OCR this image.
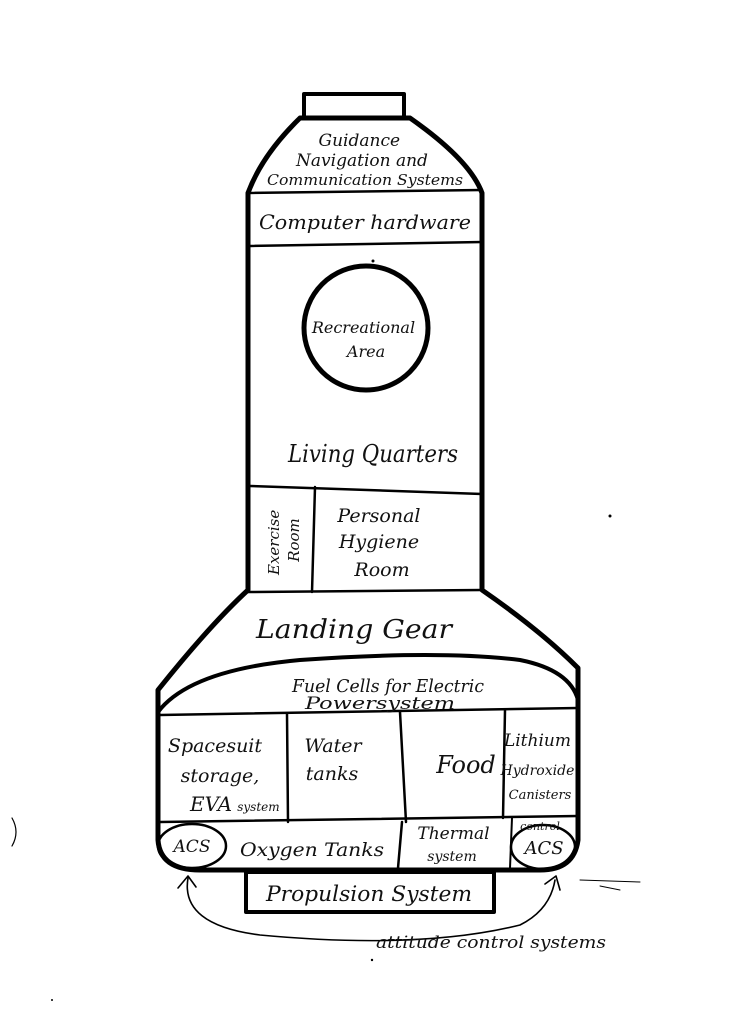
Guidance Navigation and
Communication Systems
Computer hardware
Recreational Area
Living Quarters
Exercise Room
Personal Hygiene Room
Landing Gear
Fuel Cells for Electric
Powersystem
Spacesuit storage,
EVA system
Water tanks	Food
Lithium Hydroxide Canisters
ACS Oxygen Tanks
Thermal system
control
ACS
Propulsion System
attitude control systems
